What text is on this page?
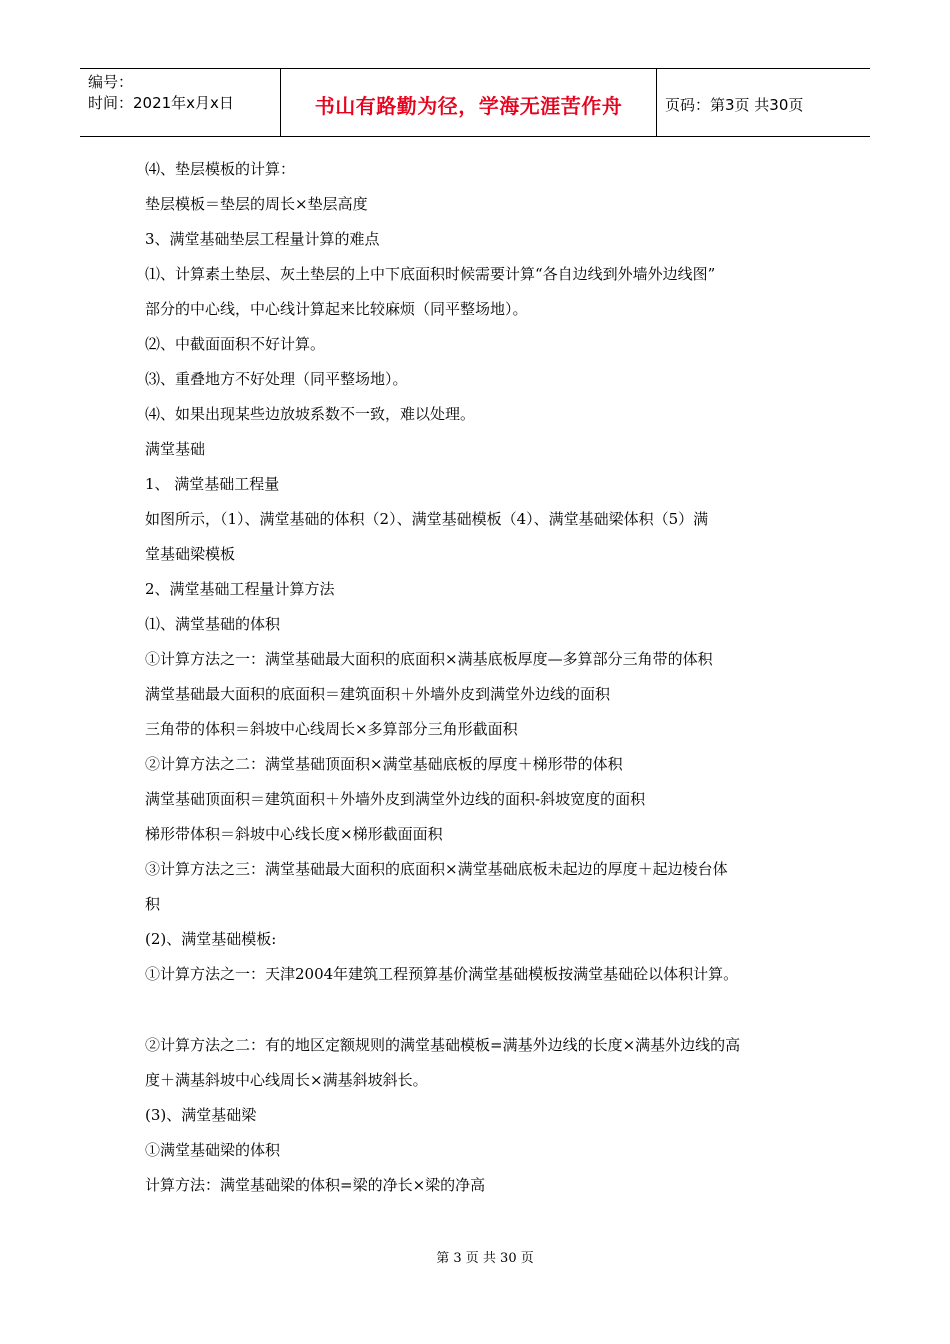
编号：
时间：2021年x月x日	书山有路勤为径，学海无涯苦作舟	页码：第3页 共30页
⑷、垫层模板的计算：
垫层模板＝垫层的周长×垫层高度
3、满堂基础垫层工程量计算的难点
⑴、计算素土垫层、灰土垫层的上中下底面积时候需要计算“各自边线到外墙外边线图”
部分的中心线，中心线计算起来比较麻烦（同平整场地）。
⑵、中截面面积不好计算。
⑶、重叠地方不好处理（同平整场地）。
⑷、如果出现某些边放坡系数不一致，难以处理。
满堂基础
1、 满堂基础工程量
如图所示，（1）、满堂基础的体积（2）、满堂基础模板（4）、满堂基础梁体积（5）满
堂基础梁模板
2、满堂基础工程量计算方法
⑴、满堂基础的体积
①计算方法之一：满堂基础最大面积的底面积×满基底板厚度—多算部分三角带的体积
满堂基础最大面积的底面积＝建筑面积＋外墙外皮到满堂外边线的面积
三角带的体积＝斜坡中心线周长×多算部分三角形截面积
②计算方法之二：满堂基础顶面积×满堂基础底板的厚度＋梯形带的体积
满堂基础顶面积＝建筑面积＋外墙外皮到满堂外边线的面积-斜坡宽度的面积
梯形带体积＝斜坡中心线长度×梯形截面面积
③计算方法之三：满堂基础最大面积的底面积×满堂基础底板未起边的厚度＋起边棱台体
积
(2)、满堂基础模板:
①计算方法之一：天津2004年建筑工程预算基价满堂基础模板按满堂基础砼以体积计算。
②计算方法之二：有的地区定额规则的满堂基础模板=满基外边线的长度×满基外边线的高
度＋满基斜坡中心线周长×满基斜坡斜长。
(3)、满堂基础梁
①满堂基础梁的体积
计算方法：满堂基础梁的体积=梁的净长×梁的净高
第 3 页 共 30 页
